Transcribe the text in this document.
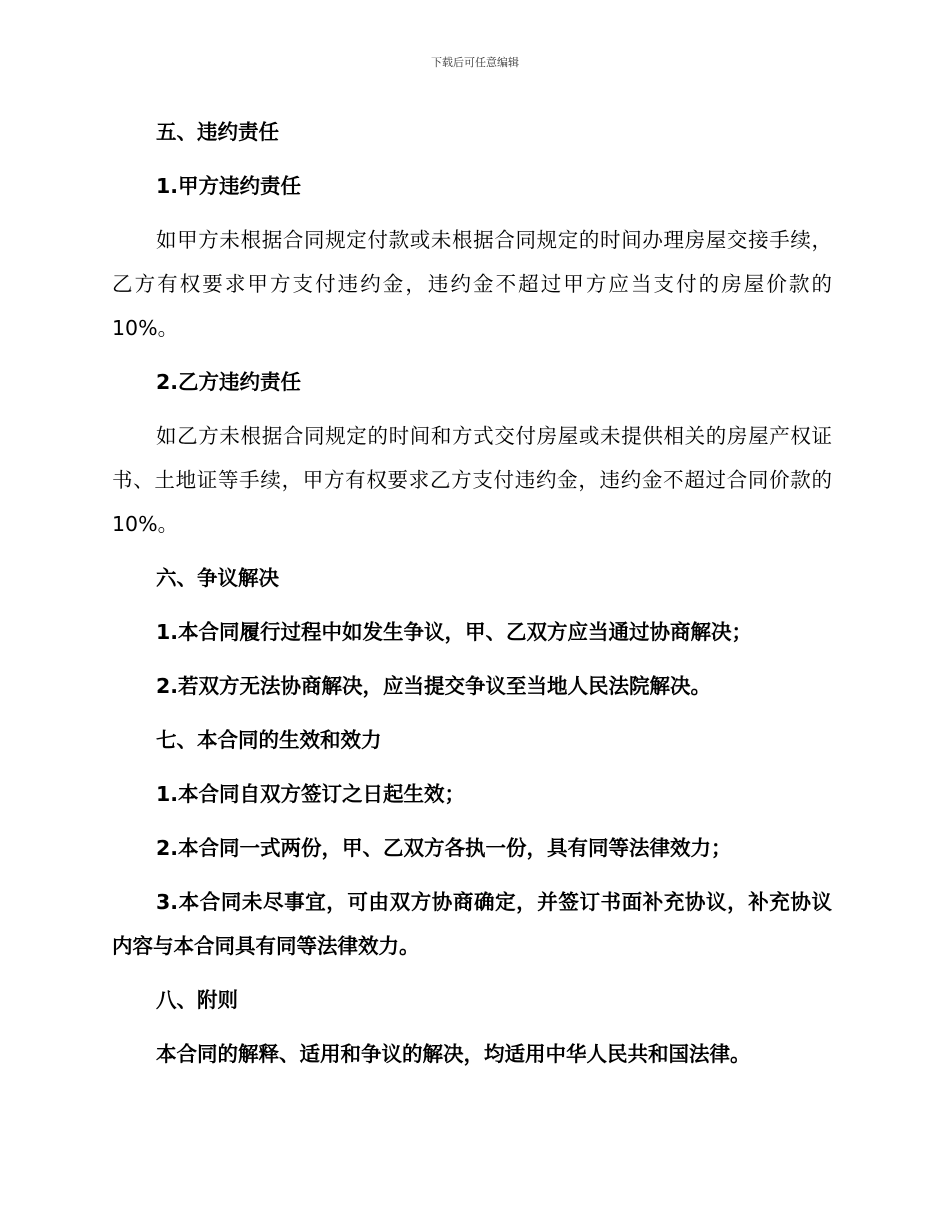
下载后可任意编辑

五、违约责任

1.甲方违约责任

如甲方未根据合同规定付款或未根据合同规定的时间办理房屋交接手续，乙方有权要求甲方支付违约金，违约金不超过甲方应当支付的房屋价款的 10%。

2.乙方违约责任

如乙方未根据合同规定的时间和方式交付房屋或未提供相关的房屋产权证书、土地证等手续，甲方有权要求乙方支付违约金，违约金不超过合同价款的 10%。

六、争议解决

1.本合同履行过程中如发生争议，甲、乙双方应当通过协商解决；

2.若双方无法协商解决，应当提交争议至当地人民法院解决。

七、本合同的生效和效力

1.本合同自双方签订之日起生效；

2.本合同一式两份，甲、乙双方各执一份，具有同等法律效力；

3.本合同未尽事宜，可由双方协商确定，并签订书面补充协议，补充协议内容与本合同具有同等法律效力。

八、附则

本合同的解释、适用和争议的解决，均适用中华人民共和国法律。
